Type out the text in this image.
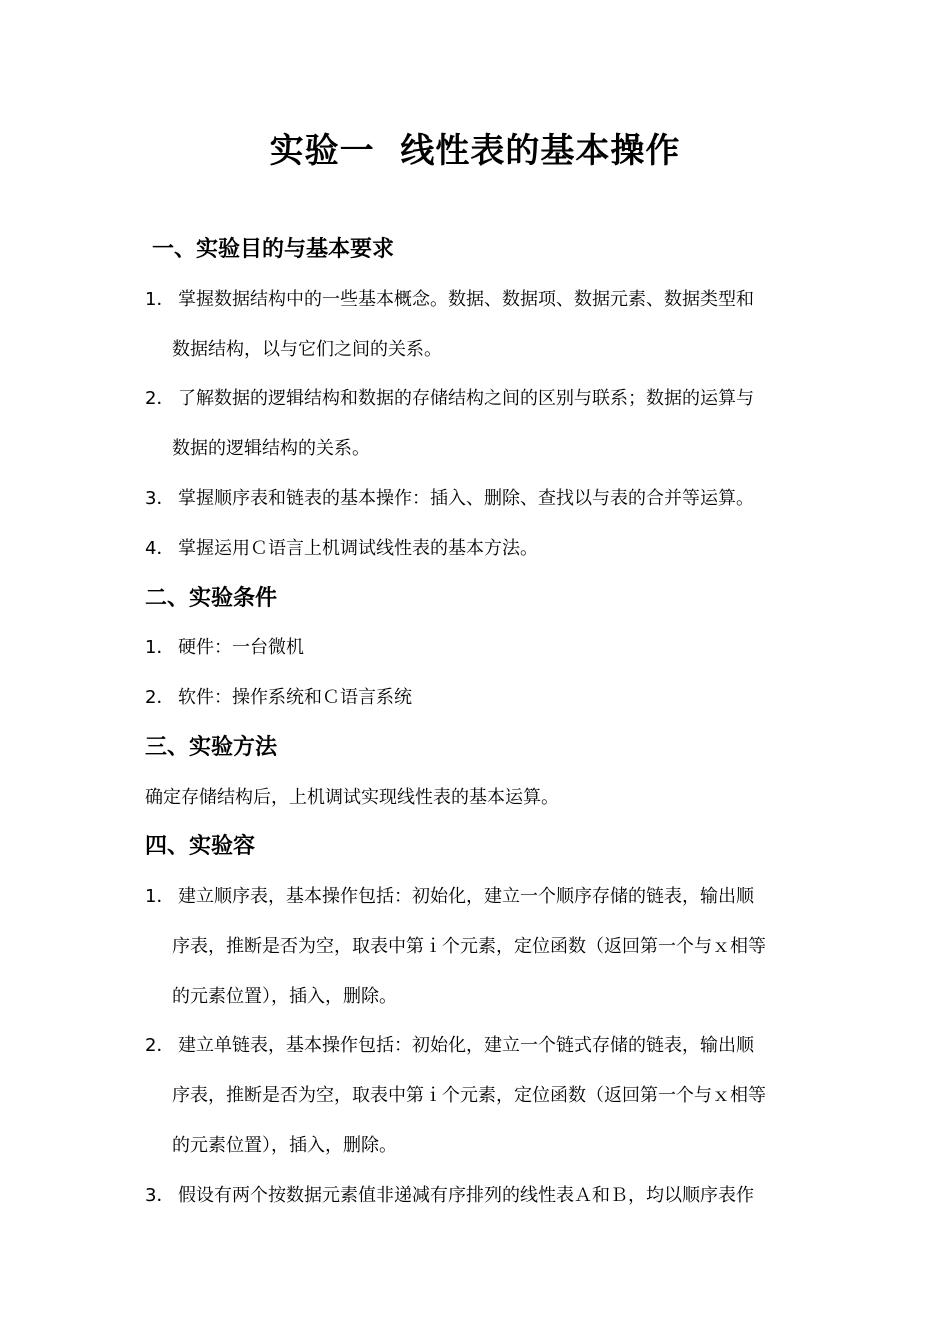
实验一  线性表的基本操作
一、实验目的与基本要求
1． 掌握数据结构中的一些基本概念。数据、数据项、数据元素、数据类型和
数据结构，以与它们之间的关系。
2． 了解数据的逻辑结构和数据的存储结构之间的区别与联系；数据的运算与
数据的逻辑结构的关系。
3． 掌握顺序表和链表的基本操作：插入、删除、查找以与表的合并等运算。
4． 掌握运用Ｃ语言上机调试线性表的基本方法。
二、实验条件
1． 硬件：一台微机
2． 软件：操作系统和Ｃ语言系统
三、实验方法
确定存储结构后，上机调试实现线性表的基本运算。
四、实验容
1． 建立顺序表，基本操作包括：初始化，建立一个顺序存储的链表，输出顺
序表，推断是否为空，取表中第ｉ个元素，定位函数（返回第一个与ｘ相等
的元素位置），插入，删除。
2． 建立单链表，基本操作包括：初始化，建立一个链式存储的链表，输出顺
序表，推断是否为空，取表中第ｉ个元素，定位函数（返回第一个与ｘ相等
的元素位置），插入，删除。
3． 假设有两个按数据元素值非递减有序排列的线性表Ａ和Ｂ，均以顺序表作
